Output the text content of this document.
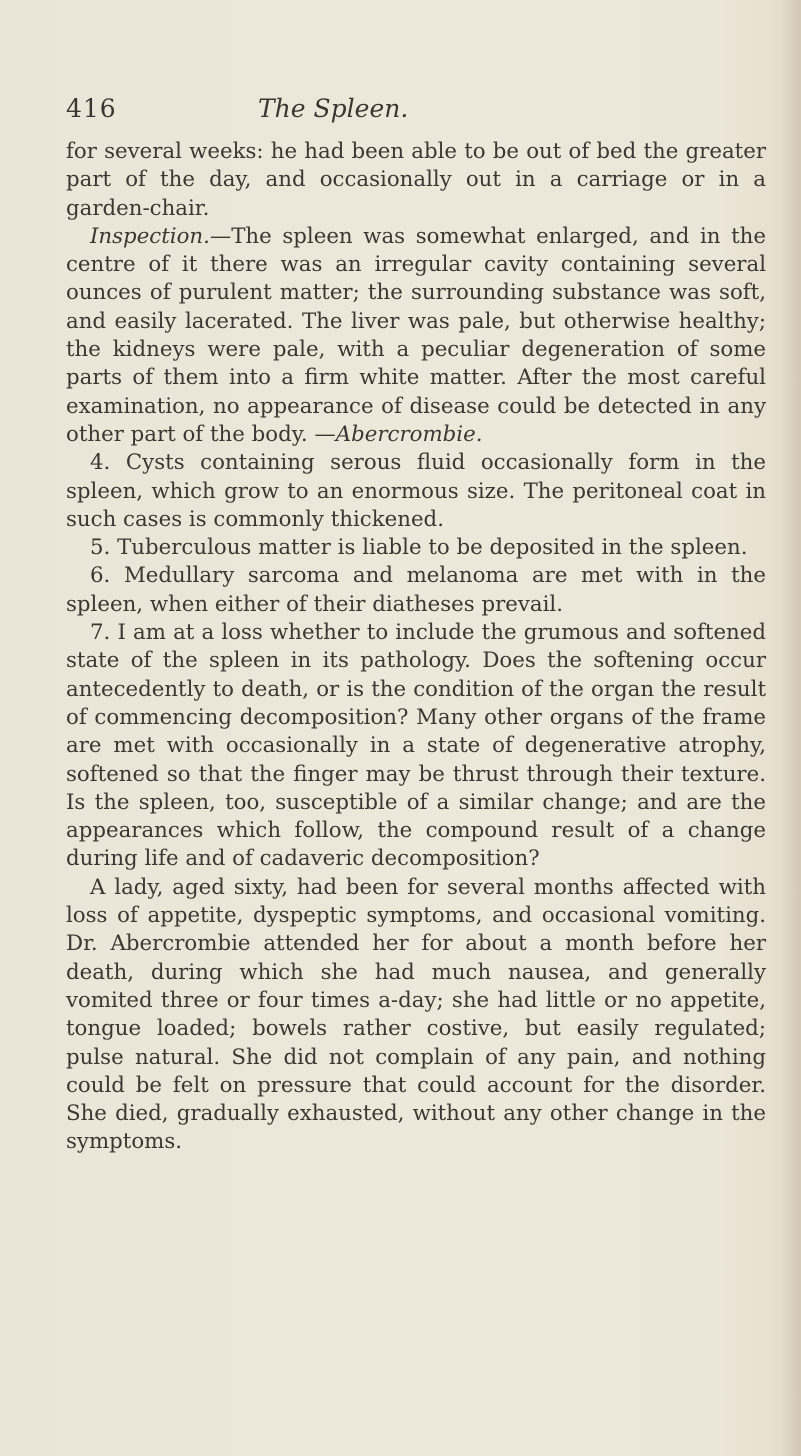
416	The Spleen.

for several weeks: he had been able to be out of bed the greater part of the day, and occasionally out in a carriage or in a garden-chair.

Inspection.—The spleen was somewhat enlarged, and in the centre of it there was an irregular cavity containing several ounces of purulent matter; the surrounding substance was soft, and easily lacerated. The liver was pale, but otherwise healthy; the kidneys were pale, with a peculiar degeneration of some parts of them into a firm white matter. After the most careful examination, no appearance of disease could be detected in any other part of the body. —Abercrombie.

4. Cysts containing serous fluid occasionally form in the spleen, which grow to an enormous size. The peritoneal coat in such cases is commonly thickened.

5. Tuberculous matter is liable to be deposited in the spleen.

6. Medullary sarcoma and melanoma are met with in the spleen, when either of their diatheses prevail.

7. I am at a loss whether to include the grumous and softened state of the spleen in its pathology. Does the softening occur antecedently to death, or is the condition of the organ the result of commencing decomposition? Many other organs of the frame are met with occasionally in a state of degenerative atrophy, softened so that the finger may be thrust through their texture. Is the spleen, too, susceptible of a similar change; and are the appearances which follow, the compound result of a change during life and of cadaveric decomposition?

A lady, aged sixty, had been for several months affected with loss of appetite, dyspeptic symptoms, and occasional vomiting. Dr. Abercrombie attended her for about a month before her death, during which she had much nausea, and generally vomited three or four times a-day; she had little or no appetite, tongue loaded; bowels rather costive, but easily regulated; pulse natural. She did not complain of any pain, and nothing could be felt on pressure that could account for the disorder. She died, gradually exhausted, without any other change in the symptoms.
